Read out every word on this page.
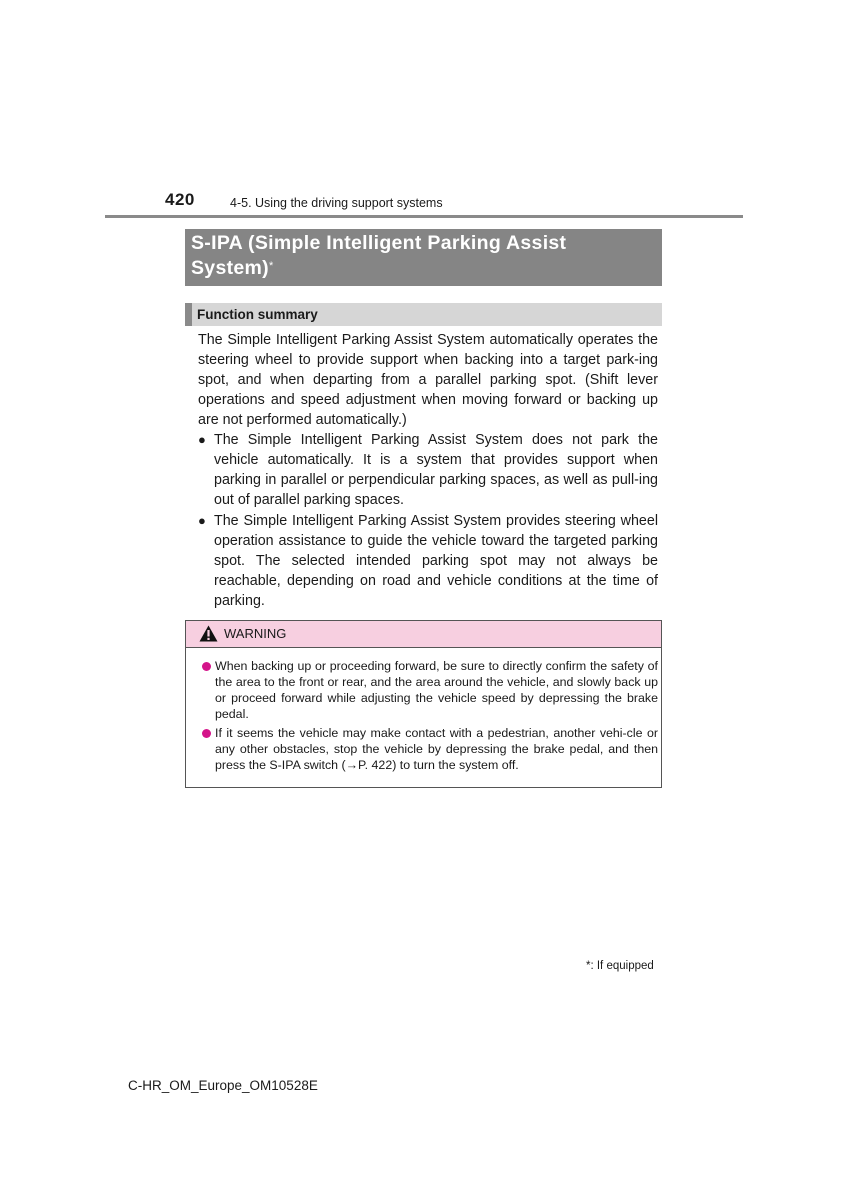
420	4-5. Using the driving support systems
S-IPA (Simple Intelligent Parking Assist
System)*
Function summary

The Simple Intelligent Parking Assist System automatically operates the steering wheel to provide support when backing into a target park-ing spot, and when departing from a parallel parking spot. (Shift lever operations and speed adjustment when moving forward or backing up are not performed automatically.)

● The Simple Intelligent Parking Assist System does not park the vehicle automatically. It is a system that provides support when parking in parallel or perpendicular parking spaces, as well as pull-ing out of parallel parking spaces.

● The Simple Intelligent Parking Assist System provides steering wheel operation assistance to guide the vehicle toward the targeted parking spot. The selected intended parking spot may not always be reachable, depending on road and vehicle conditions at the time of parking.

WARNING

When backing up or proceeding forward, be sure to directly confirm the safety of the area to the front or rear, and the area around the vehicle, and slowly back up or proceed forward while adjusting the vehicle speed by depressing the brake pedal.

If it seems the vehicle may make contact with a pedestrian, another vehi-cle or any other obstacles, stop the vehicle by depressing the brake pedal, and then press the S-IPA switch (→P. 422) to turn the system off.

*: If equipped
C-HR_OM_Europe_OM10528E
